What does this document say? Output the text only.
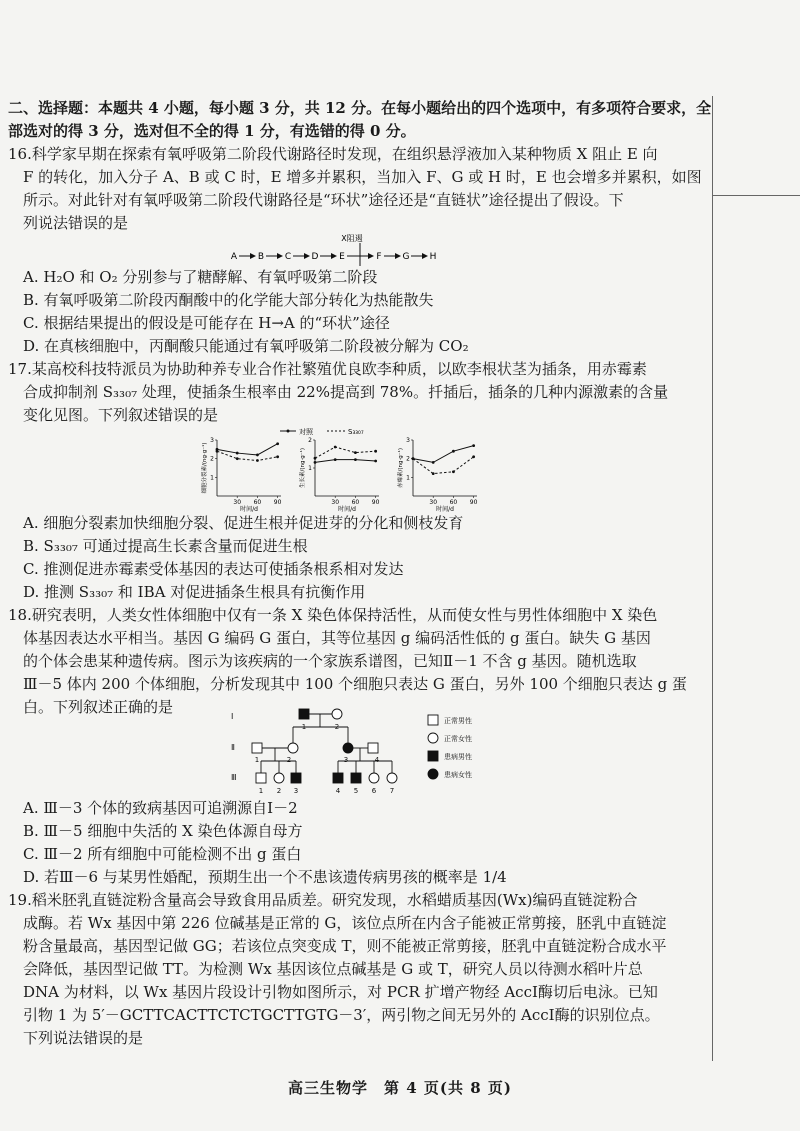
二、选择题：本题共 4 小题，每小题 3 分，共 12 分。在每小题给出的四个选项中，有多项符合要求，全
部选对的得 3 分，选对但不全的得 1 分，有选错的得 0 分。
16.科学家早期在探索有氧呼吸第二阶段代谢路径时发现，在组织悬浮液加入某种物质 X 阻止 E 向
F 的转化，加入分子 A、B 或 C 时，E 增多并累积，当加入 F、G 或 H 时，E 也会增多并累积，如图
所示。对此针对有氧呼吸第二阶段代谢路径是“环状”途径还是“直链状”途径提出了假设。下
列说法错误的是
X阻遏
A B C D E	F G H
A. H₂O 和 O₂ 分别参与了糖酵解、有氧呼吸第二阶段
B. 有氧呼吸第二阶段丙酮酸中的化学能大部分转化为热能散失
C. 根据结果提出的假设是可能存在 H→A 的“环状”途径
D. 在真核细胞中，丙酮酸只能通过有氧呼吸第二阶段被分解为 CO₂
17.某高校科技特派员为协助种养专业合作社繁殖优良欧李种质，以欧李根状茎为插条，用赤霉素
合成抑制剂 S₃₃₀₇ 处理，使插条生根率由 22%提高到 78%。扦插后，插条的几种内源激素的含量
变化见图。下列叙述错误的是
对照	S₃₃₀₇
1
2
3
30 60 90
时间/d
细胞分裂素/(ng·g⁻¹)	1
2
30 60 90
时间/d
生长素/(ng·g⁻¹)	1
2
3
30 60 90
时间/d
赤霉素/(ng·g⁻¹)
A. 细胞分裂素加快细胞分裂、促进生根并促进芽的分化和侧枝发育
B. S₃₃₀₇ 可通过提高生长素含量而促进生根
C. 推测促进赤霉素受体基因的表达可使插条根系相对发达
D. 推测 S₃₃₀₇ 和 IBA 对促进插条生根具有抗衡作用
18.研究表明，人类女性体细胞中仅有一条 X 染色体保持活性，从而使女性与男性体细胞中 X 染色
体基因表达水平相当。基因 G 编码 G 蛋白，其等位基因 g 编码活性低的 g 蛋白。缺失 G 基因
的个体会患某种遗传病。图示为该疾病的一个家族系谱图，已知Ⅱ－1 不含 g 基因。随机选取
Ⅲ－5 体内 200 个体细胞，分析发现其中 100 个细胞只表达 G 蛋白，另外 100 个细胞只表达 g 蛋
白。下列叙述正确的是
Ⅰ
Ⅱ
Ⅲ
1	2
1	2	3	4
1 2 3	4 5 6 7
正常男性
正常女性
患病男性
患病女性
A. Ⅲ－3 个体的致病基因可追溯源自Ⅰ－2
B. Ⅲ－5 细胞中失活的 X 染色体源自母方
C. Ⅲ－2 所有细胞中可能检测不出 g 蛋白
D. 若Ⅲ－6 与某男性婚配，预期生出一个不患该遗传病男孩的概率是 1/4
19.稻米胚乳直链淀粉含量高会导致食用品质差。研究发现，水稻蜡质基因(Wx)编码直链淀粉合
成酶。若 Wx 基因中第 226 位碱基是正常的 G，该位点所在内含子能被正常剪接，胚乳中直链淀
粉含量最高，基因型记做 GG；若该位点突变成 T，则不能被正常剪接，胚乳中直链淀粉合成水平
会降低，基因型记做 TT。为检测 Wx 基因该位点碱基是 G 或 T，研究人员以待测水稻叶片总
DNA 为材料，以 Wx 基因片段设计引物如图所示，对 PCR 扩增产物经 AccⅠ酶切后电泳。已知
引物 1 为 5′－GCTTCACTTCTCTGCTTGTG－3′，两引物之间无另外的 AccⅠ酶的识别位点。
下列说法错误的是
高三生物学　第 4 页(共 8 页)
